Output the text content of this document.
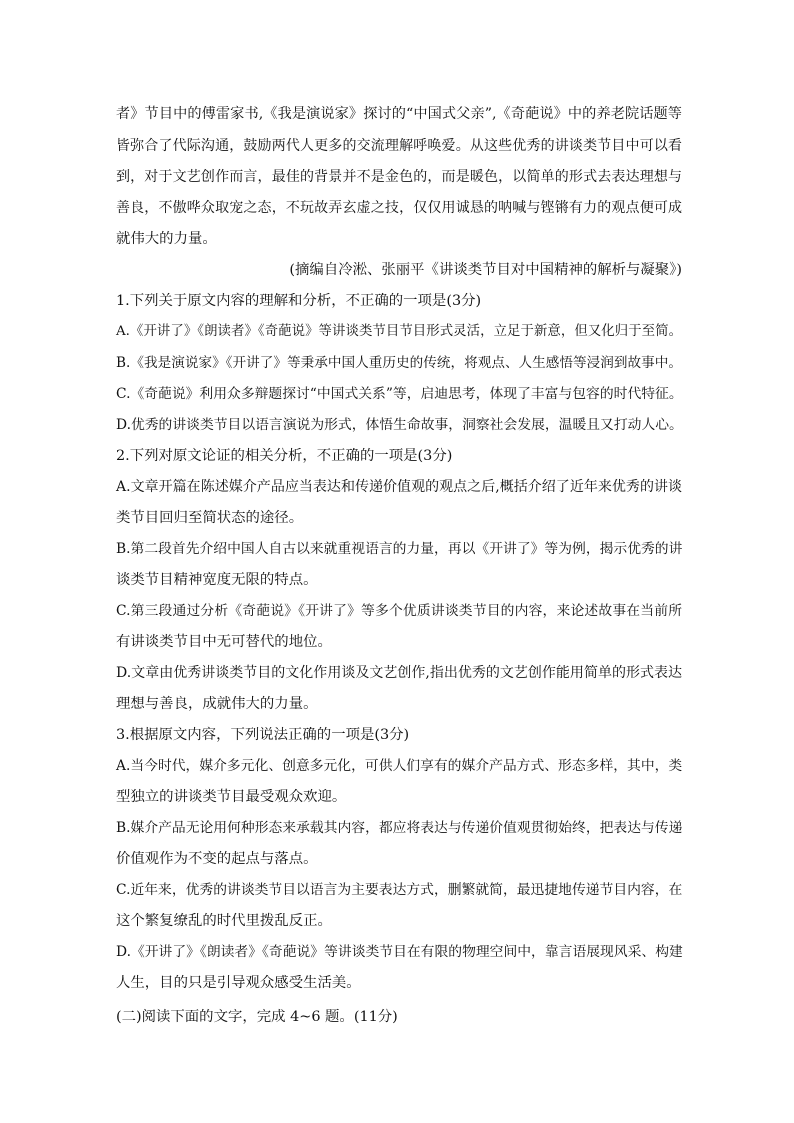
者》节目中的傅雷家书,《我是演说家》探讨的“中国式父亲”,《奇葩说》中的养老院话题等
皆弥合了代际沟通，鼓励两代人更多的交流理解呼唤爱。从这些优秀的讲谈类节目中可以看
到，对于文艺创作而言，最佳的背景并不是金色的，而是暖色，以简单的形式去表达理想与
善良，不傲哗众取宠之态，不玩故弄玄虚之技，仅仅用诚恳的呐喊与铿锵有力的观点便可成
就伟大的力量。
(摘编自冷淞、张丽平《讲谈类节目对中国精神的解析与凝聚》)
1.下列关于原文内容的理解和分析，不正确的一项是(3分)
A.《开讲了》《朗读者》《奇葩说》等讲谈类节目节目形式灵活，立足于新意，但又化归于至简。
B.《我是演说家》《开讲了》等秉承中国人重历史的传统，将观点、人生感悟等浸润到故事中。
C.《奇葩说》利用众多辩题探讨“中国式关系”等，启迪思考，体现了丰富与包容的时代特征。
D.优秀的讲谈类节目以语言演说为形式，体悟生命故事，洞察社会发展，温暖且又打动人心。
2.下列对原文论证的相关分析，不正确的一项是(3分)
A.文章开篇在陈述媒介产品应当表达和传递价值观的观点之后,概括介绍了近年来优秀的讲谈
类节目回归至简状态的途径。
B.第二段首先介绍中国人自古以来就重视语言的力量，再以《开讲了》等为例，揭示优秀的讲
谈类节目精神宽度无限的特点。
C.第三段通过分析《奇葩说》《开讲了》等多个优质讲谈类节目的内容，来论述故事在当前所
有讲谈类节目中无可替代的地位。
D.文章由优秀讲谈类节目的文化作用谈及文艺创作,指出优秀的文艺创作能用简单的形式表达
理想与善良，成就伟大的力量。
3.根据原文内容，下列说法正确的一项是(3分)
A.当今时代，媒介多元化、创意多元化，可供人们享有的媒介产品方式、形态多样，其中，类
型独立的讲谈类节目最受观众欢迎。
B.媒介产品无论用何种形态来承载其内容，都应将表达与传递价值观贯彻始终，把表达与传递
价值观作为不变的起点与落点。
C.近年来，优秀的讲谈类节目以语言为主要表达方式，删繁就简，最迅捷地传递节目内容，在
这个繁复缭乱的时代里拨乱反正。
D.《开讲了》《朗读者》《奇葩说》等讲谈类节目在有限的物理空间中，靠言语展现风采、构建
人生，目的只是引导观众感受生活美。
(二)阅读下面的文字，完成 4~6 题。(11分)
